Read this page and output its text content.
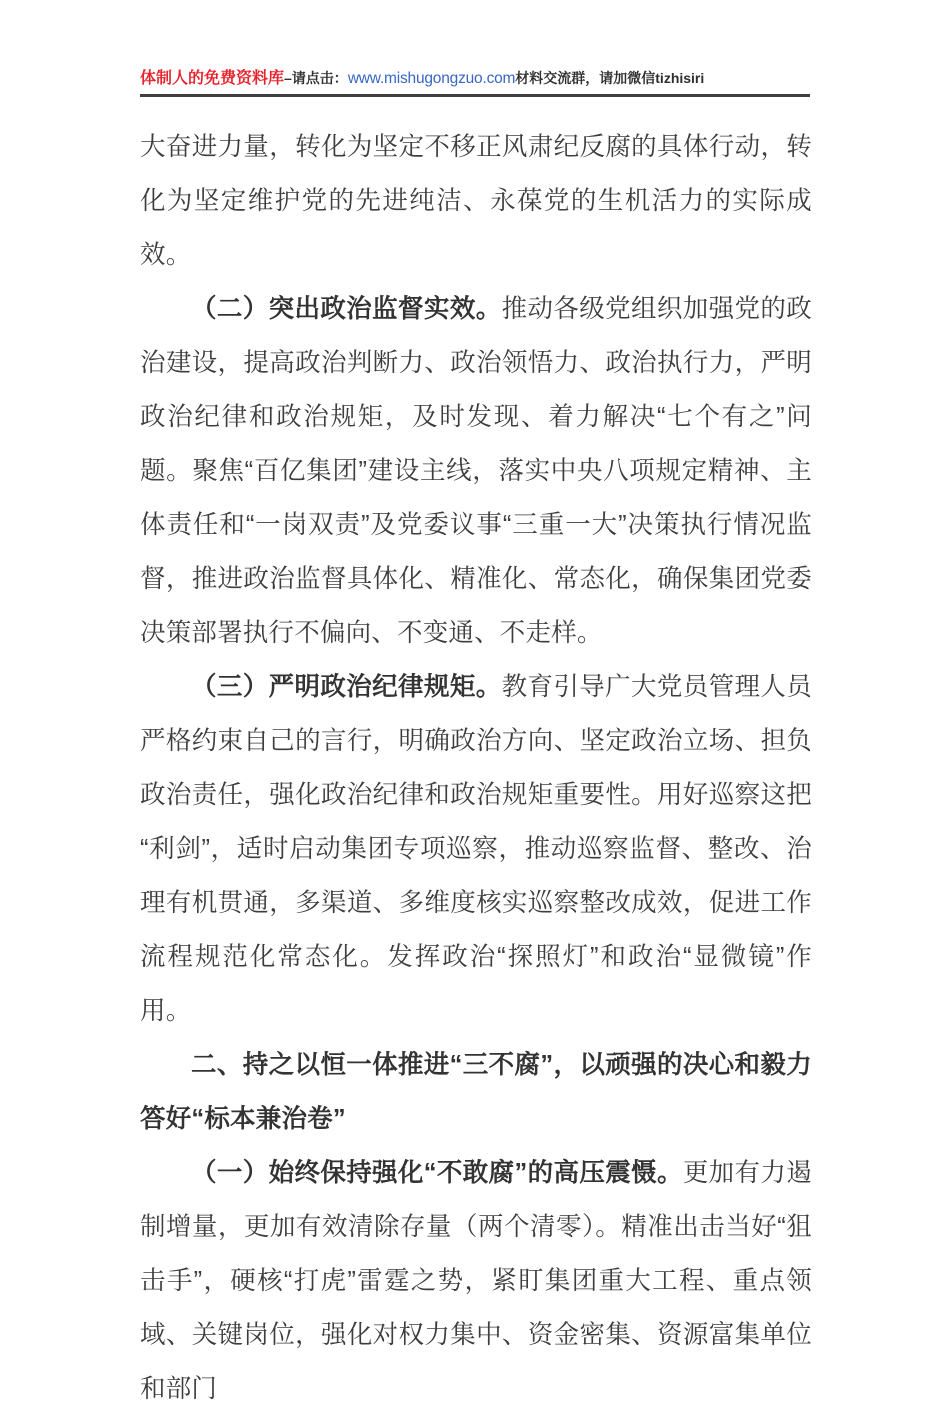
体制人的免费资料库–请点击：www.mishugongzuo.com材料交流群，请加微信tizhisiri

大奋进力量，转化为坚定不移正风肃纪反腐的具体行动，转化为坚定维护党的先进纯洁、永葆党的生机活力的实际成效。

（二）突出政治监督实效。推动各级党组织加强党的政治建设，提高政治判断力、政治领悟力、政治执行力，严明政治纪律和政治规矩，及时发现、着力解决“七个有之”问题。聚焦“百亿集团”建设主线，落实中央八项规定精神、主体责任和“一岗双责”及党委议事“三重一大”决策执行情况监督，推进政治监督具体化、精准化、常态化，确保集团党委决策部署执行不偏向、不变通、不走样。

（三）严明政治纪律规矩。教育引导广大党员管理人员严格约束自己的言行，明确政治方向、坚定政治立场、担负政治责任，强化政治纪律和政治规矩重要性。用好巡察这把“利剑”，适时启动集团专项巡察，推动巡察监督、整改、治理有机贯通，多渠道、多维度核实巡察整改成效，促进工作流程规范化常态化。发挥政治“探照灯”和政治“显微镜”作用。

二、持之以恒一体推进“三不腐”，以顽强的决心和毅力答好“标本兼治卷”

（一）始终保持强化“不敢腐”的高压震慑。更加有力遏制增量，更加有效清除存量（两个清零）。精准出击当好“狙击手”，硬核“打虎”雷霆之势，紧盯集团重大工程、重点领域、关键岗位，强化对权力集中、资金密集、资源富集单位和部门
